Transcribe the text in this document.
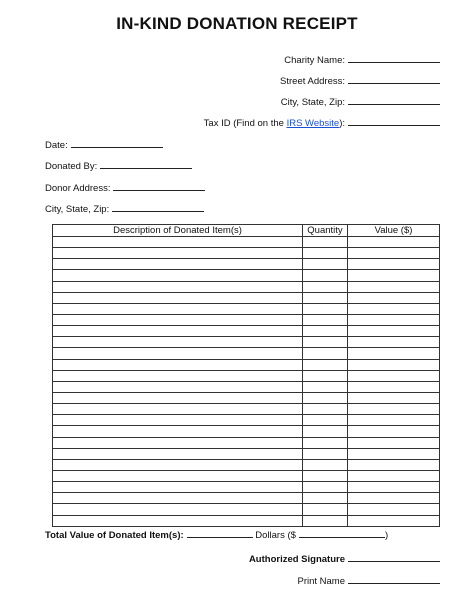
IN-KIND DONATION RECEIPT
Charity Name:
Street Address:
City, State, Zip:
Tax ID (Find on the IRS Website):
Date:
Donated By:
Donor Address:
City, State, Zip:
Description of Donated Item(s)	Quantity	Value ($)

Total Value of Donated Item(s):	Dollars ($	)
Authorized Signature
Print Name
